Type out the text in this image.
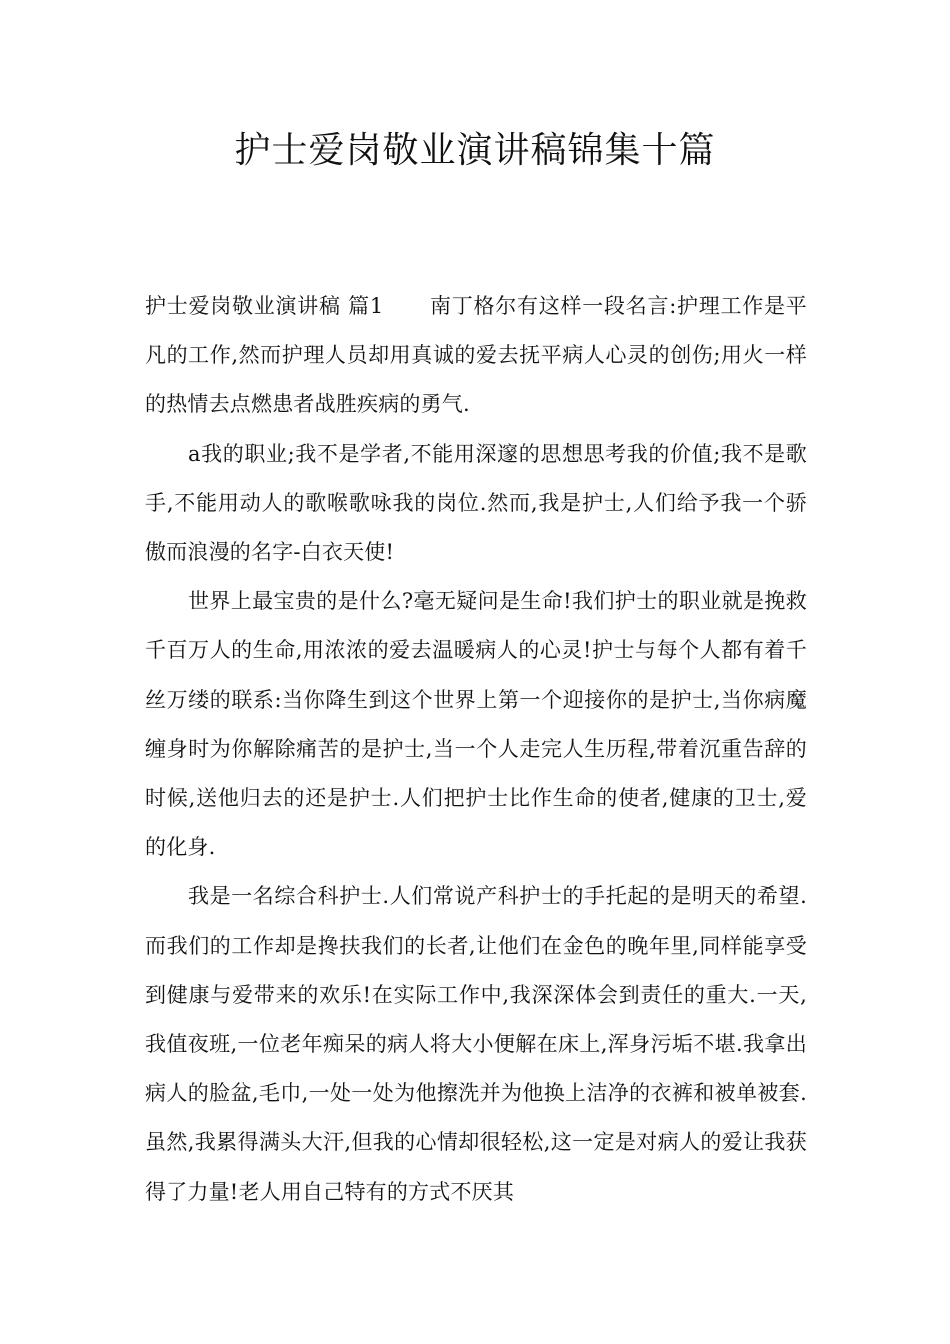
护士爱岗敬业演讲稿锦集十篇

护士爱岗敬业演讲稿 篇1 南丁格尔有这样一段名言:护理工作是平凡的工作,然而护理人员却用真诚的爱去抚平病人心灵的创伤;用火一样的热情去点燃患者战胜疾病的勇气.

a我的职业;我不是学者,不能用深邃的思想思考我的价值;我不是歌手,不能用动人的歌喉歌咏我的岗位.然而,我是护士,人们给予我一个骄傲而浪漫的名字-白衣天使!

世界上最宝贵的是什么?毫无疑问是生命!我们护士的职业就是挽救千百万人的生命,用浓浓的爱去温暖病人的心灵!护士与每个人都有着千丝万缕的联系:当你降生到这个世界上第一个迎接你的是护士,当你病魔缠身时为你解除痛苦的是护士,当一个人走完人生历程,带着沉重告辞的时候,送他归去的还是护士.人们把护士比作生命的使者,健康的卫士,爱的化身.

我是一名综合科护士.人们常说产科护士的手托起的是明天的希望.而我们的工作却是搀扶我们的长者,让他们在金色的晚年里,同样能享受到健康与爱带来的欢乐!在实际工作中,我深深体会到责任的重大.一天,我值夜班,一位老年痴呆的病人将大小便解在床上,浑身污垢不堪.我拿出病人的脸盆,毛巾,一处一处为他擦洗并为他换上洁净的衣裤和被单被套.虽然,我累得满头大汗,但我的心情却很轻松,这一定是对病人的爱让我获得了力量!老人用自己特有的方式不厌其
